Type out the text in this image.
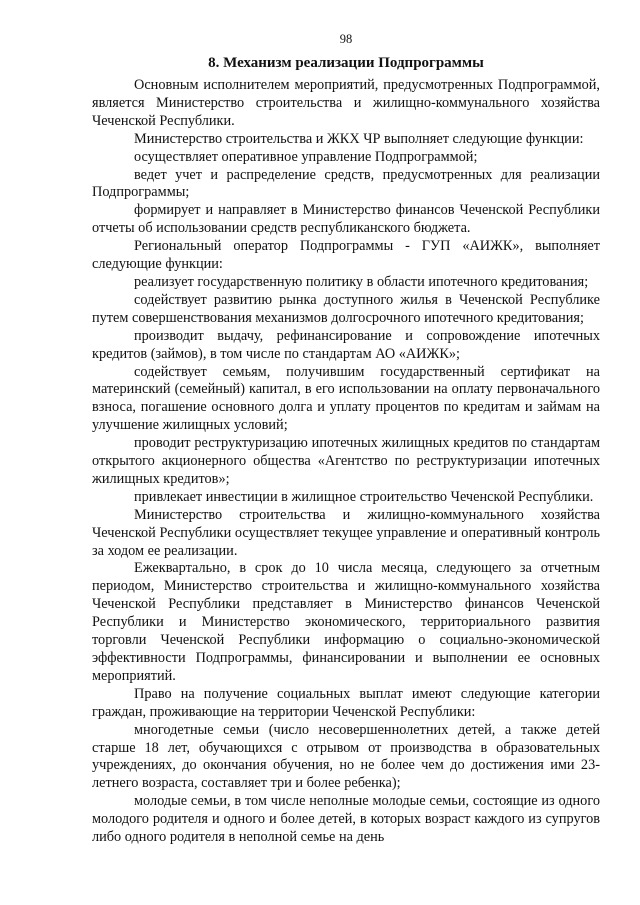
98
8. Механизм реализации Подпрограммы

Основным исполнителем мероприятий, предусмотренных Подпрограммой, является Министерство строительства и жилищно-коммунального хозяйства Чеченской Республики.

Министерство строительства и ЖКХ ЧР выполняет следующие функции:

осуществляет оперативное управление Подпрограммой;

ведет учет и распределение средств, предусмотренных для реализации Подпрограммы;

формирует и направляет в Министерство финансов Чеченской Республики отчеты об использовании средств республиканского бюджета.

Региональный оператор Подпрограммы - ГУП «АИЖК», выполняет следующие функции:

реализует государственную политику в области ипотечного кредитования;

содействует развитию рынка доступного жилья в Чеченской Республике путем совершенствования механизмов долгосрочного ипотечного кредитования;

производит выдачу, рефинансирование и сопровождение ипотечных кредитов (займов), в том числе по стандартам АО «АИЖК»;

содействует семьям, получившим государственный сертификат на материнский (семейный) капитал, в его использовании на оплату первоначального взноса, погашение основного долга и уплату процентов по кредитам и займам на улучшение жилищных условий;

проводит реструктуризацию ипотечных жилищных кредитов по стандартам открытого акционерного общества «Агентство по реструктуризации ипотечных жилищных кредитов»;

привлекает инвестиции в жилищное строительство Чеченской Республики.

Министерство строительства и жилищно-коммунального хозяйства Чеченской Республики осуществляет текущее управление и оперативный контроль за ходом ее реализации.

Ежеквартально, в срок до 10 числа месяца, следующего за отчетным периодом, Министерство строительства и жилищно-коммунального хозяйства Чеченской Республики представляет в Министерство финансов Чеченской Республики и Министерство экономического, территориального развития торговли Чеченской Республики информацию о социально-экономической эффективности Подпрограммы, финансировании и выполнении ее основных мероприятий.

Право на получение социальных выплат имеют следующие категории граждан, проживающие на территории Чеченской Республики:

многодетные семьи (число несовершеннолетних детей, а также детей старше 18 лет, обучающихся с отрывом от производства в образовательных учреждениях, до окончания обучения, но не более чем до достижения ими 23-летнего возраста, составляет три и более ребенка);

молодые семьи, в том числе неполные молодые семьи, состоящие из одного молодого родителя и одного и более детей, в которых возраст каждого из супругов либо одного родителя в неполной семье на день
